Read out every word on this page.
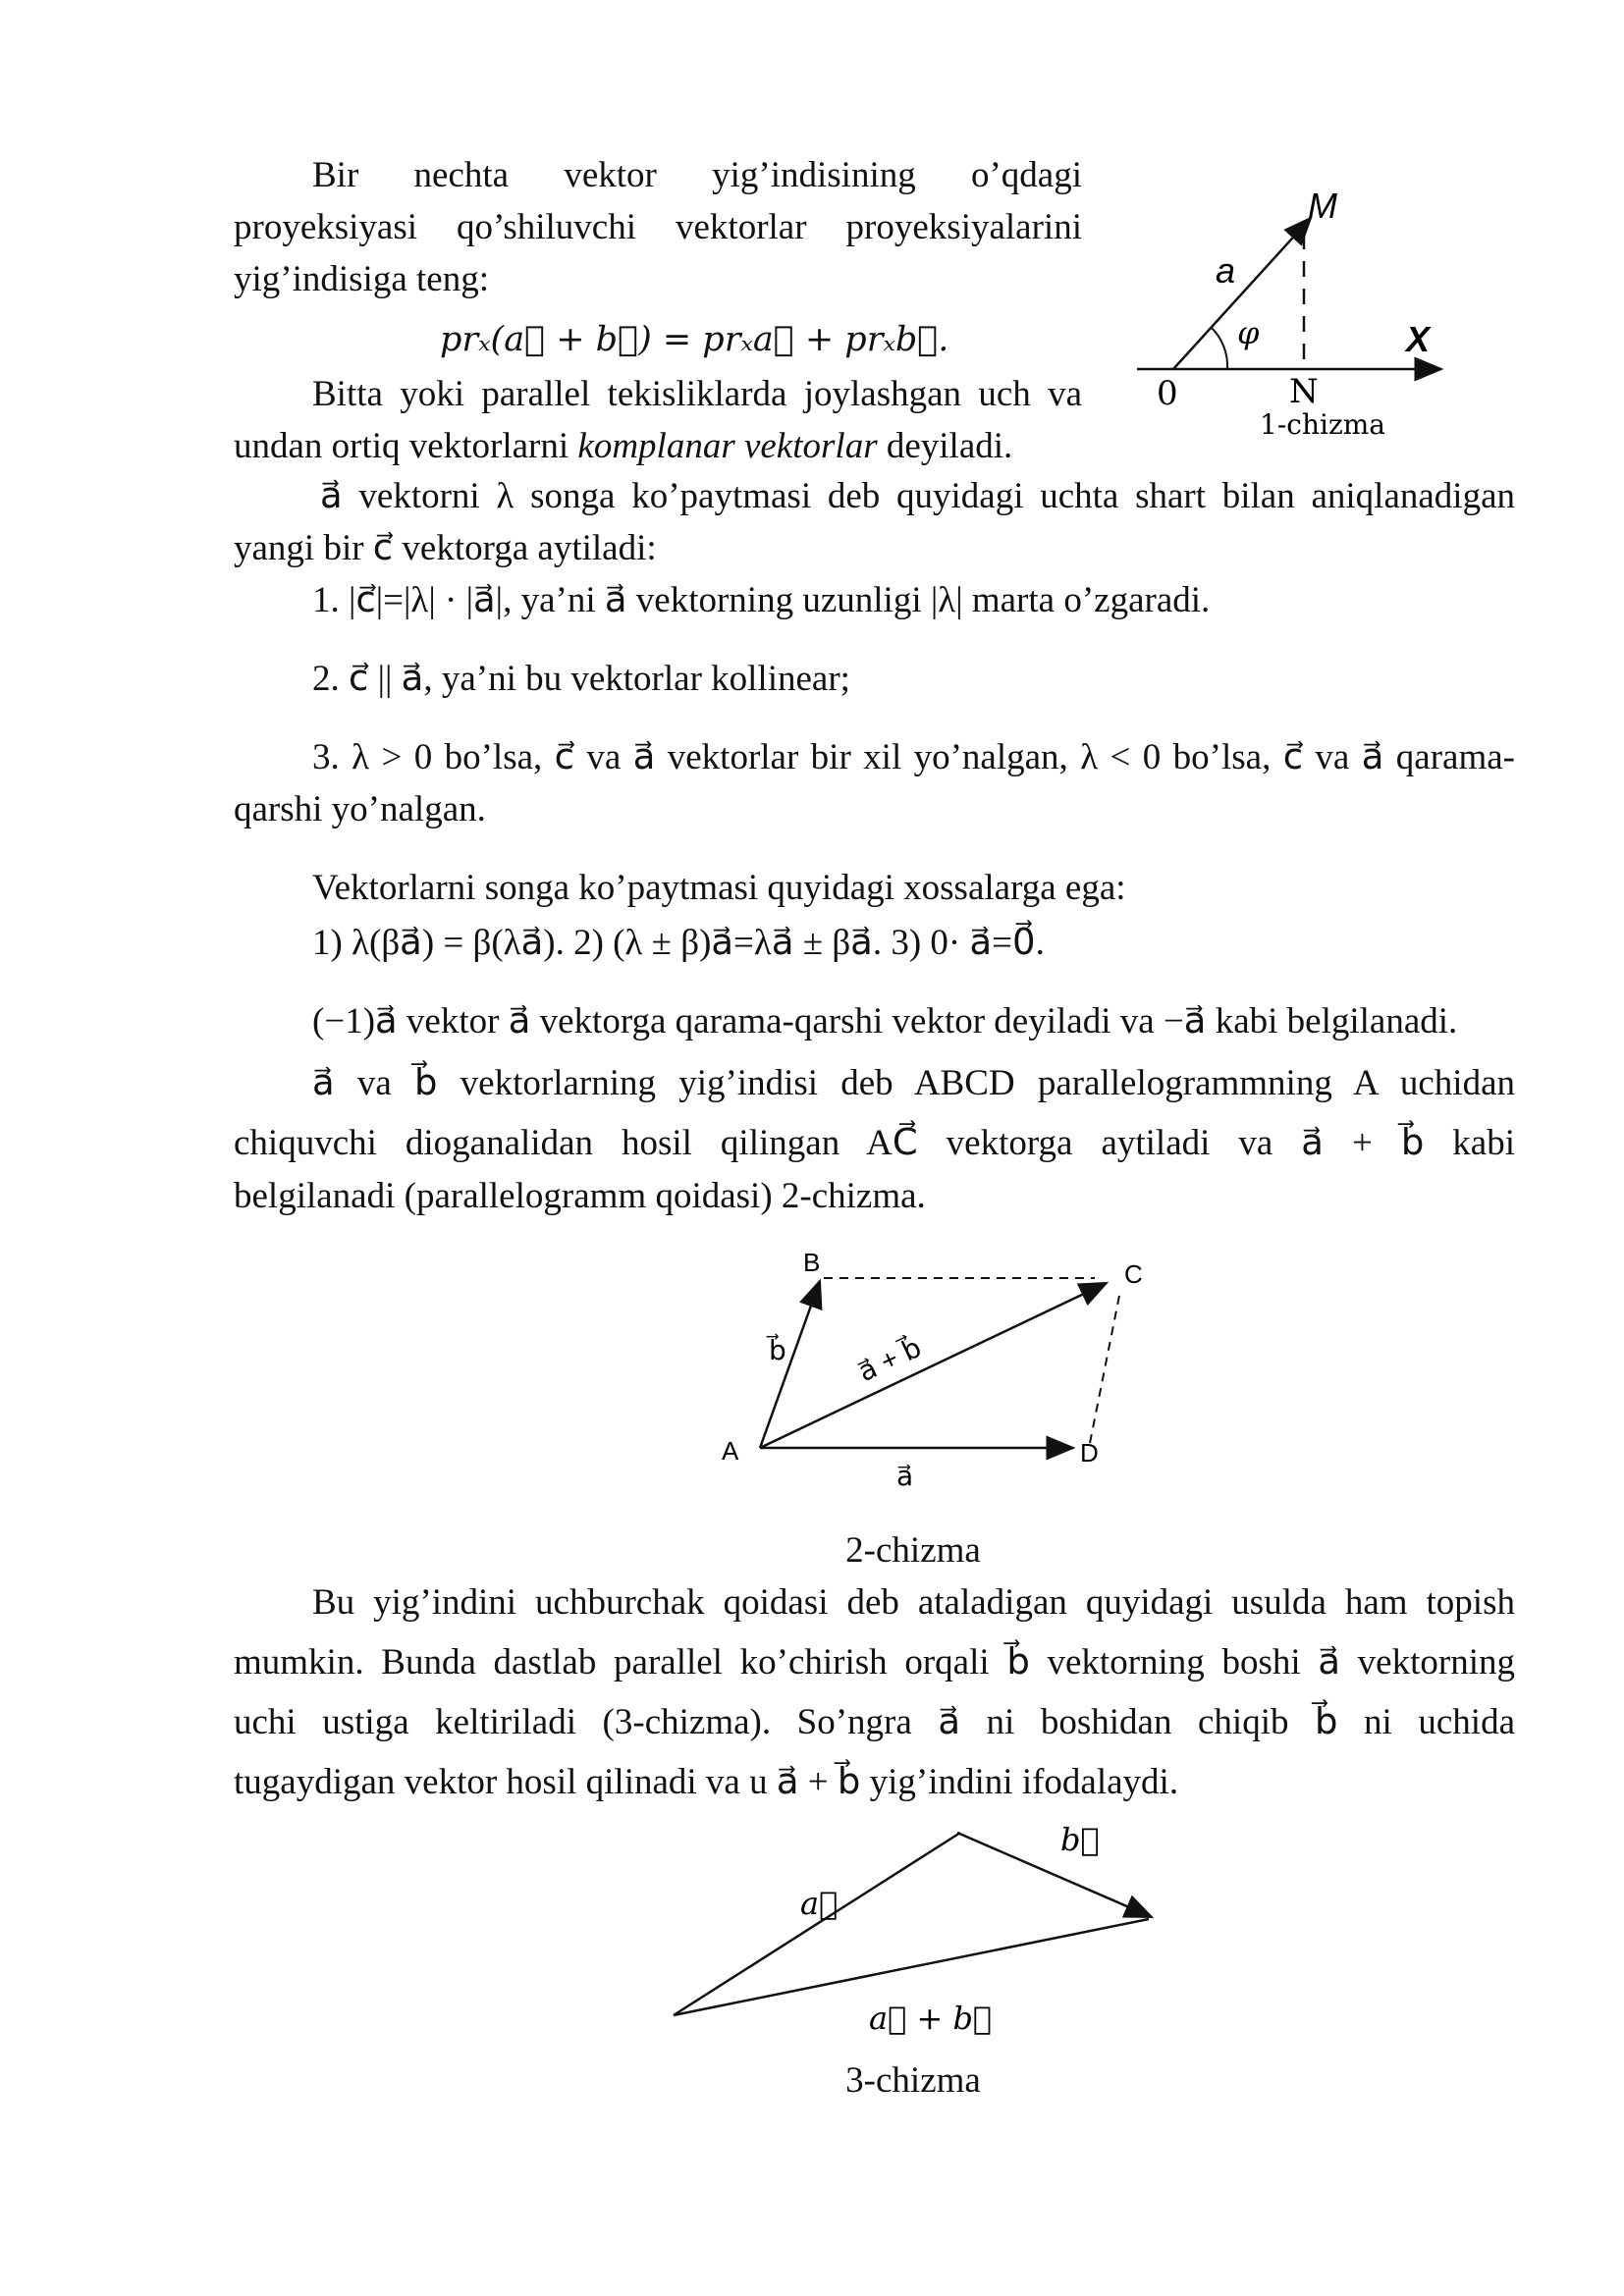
Bir nechta vektor yig’indisining o’qdagi
proyeksiyasi qo’shiluvchi vektorlar proyeksiyalarini
yig’indisiga teng:
prₓ(a⃗ + b⃗) = prₓa⃗ + prₓb⃗.
Bitta yoki parallel tekisliklarda joylashgan uch va
undan ortiq vektorlarni komplanar vektorlar deyiladi.
M
a
φ	X
0	N
1-chizma
a⃗ vektorni λ songa ko’paytmasi deb quyidagi uchta shart bilan aniqlanadigan
yangi bir c⃗ vektorga aytiladi:
1. |c⃗|=|λ| · |a⃗|, ya’ni a⃗ vektorning uzunligi |λ| marta o’zgaradi.
2. c⃗ || a⃗, ya’ni bu vektorlar kollinear;
3. λ > 0 bo’lsa, c⃗ va a⃗ vektorlar bir xil yo’nalgan, λ < 0 bo’lsa, c⃗ va a⃗ qarama-
qarshi yo’nalgan.
Vektorlarni songa ko’paytmasi quyidagi xossalarga ega:
1) λ(βa⃗) = β(λa⃗). 2) (λ ± β)a⃗=λa⃗ ± βa⃗. 3) 0· a⃗=0⃗.
(−1)a⃗ vektor a⃗ vektorga qarama-qarshi vektor deyiladi va −a⃗ kabi belgilanadi.
a⃗ va b⃗ vektorlarning yig’indisi deb ABCD parallelogrammning A uchidan
chiquvchi dioganalidan hosil qilingan AC⃗ vektorga aytiladi va a⃗ + b⃗ kabi
belgilanadi (parallelogramm qoidasi) 2-chizma.
A
B	C
D
b⃗
a⃗
a⃗ + b⃗
2-chizma
Bu yig’indini uchburchak qoidasi deb ataladigan quyidagi usulda ham topish
mumkin. Bunda dastlab parallel ko’chirish orqali b⃗ vektorning boshi a⃗ vektorning
uchi ustiga keltiriladi (3-chizma). So’ngra a⃗ ni boshidan chiqib b⃗ ni uchida
tugaydigan vektor hosil qilinadi va u a⃗ + b⃗ yig’indini ifodalaydi.
a⃗
b⃗
a⃗ + b⃗
3-chizma
